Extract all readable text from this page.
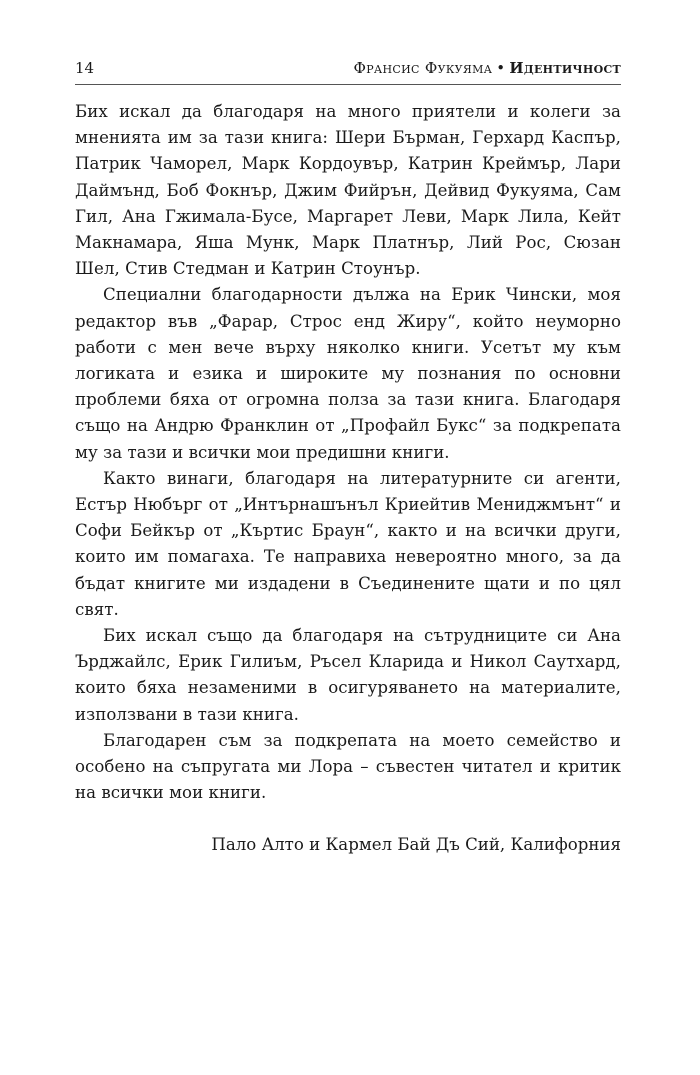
14	Франсис Фукуяма • Идентичност

Бих искал да благодаря на много приятели и колеги за мненията им за тази книга: Шери Бърман, Герхард Каспър, Патрик Чаморел, Марк Кордоувър, Катрин Креймър, Лари Даймънд, Боб Фокнър, Джим Фийрън, Дейвид Фукуяма, Сам Гил, Ана Гжимала-Бусе, Маргарет Леви, Марк Лила, Кейт Макнамара, Яша Мунк, Марк Платнър, Лий Рос, Сюзан Шел, Стив Стедман и Катрин Стоунър.

Специални благодарности дължа на Ерик Чински, моя редактор във „Фарар, Строс енд Жиру“, който неуморно работи с мен вече върху няколко книги. Усетът му към логиката и езика и широките му познания по основни проблеми бяха от огромна полза за тази книга. Благодаря също на Андрю Франклин от „Профайл Букс“ за подкрепата му за тази и всички мои предишни книги.

Както винаги, благодаря на литературните си агенти, Естър Нюбърг от „Интърнашънъл Криейтив Мениджмънт“ и Софи Бейкър от „Къртис Браун“, както и на всички други, които им помагаха. Те направиха невероятно много, за да бъдат книгите ми издадени в Съединените щати и по цял свят.

Бих искал също да благодаря на сътрудниците си Ана Ърджайлс, Ерик Гилиъм, Ръсел Кларида и Никол Саутхард, които бяха незаменими в осигуряването на материалите, използвани в тази книга.

Благодарен съм за подкрепата на моето семейство и особено на съпругата ми Лора – съвестен читател и критик на всички мои книги.

Пало Алто и Кармел Бай Дъ Сий, Калифорния
